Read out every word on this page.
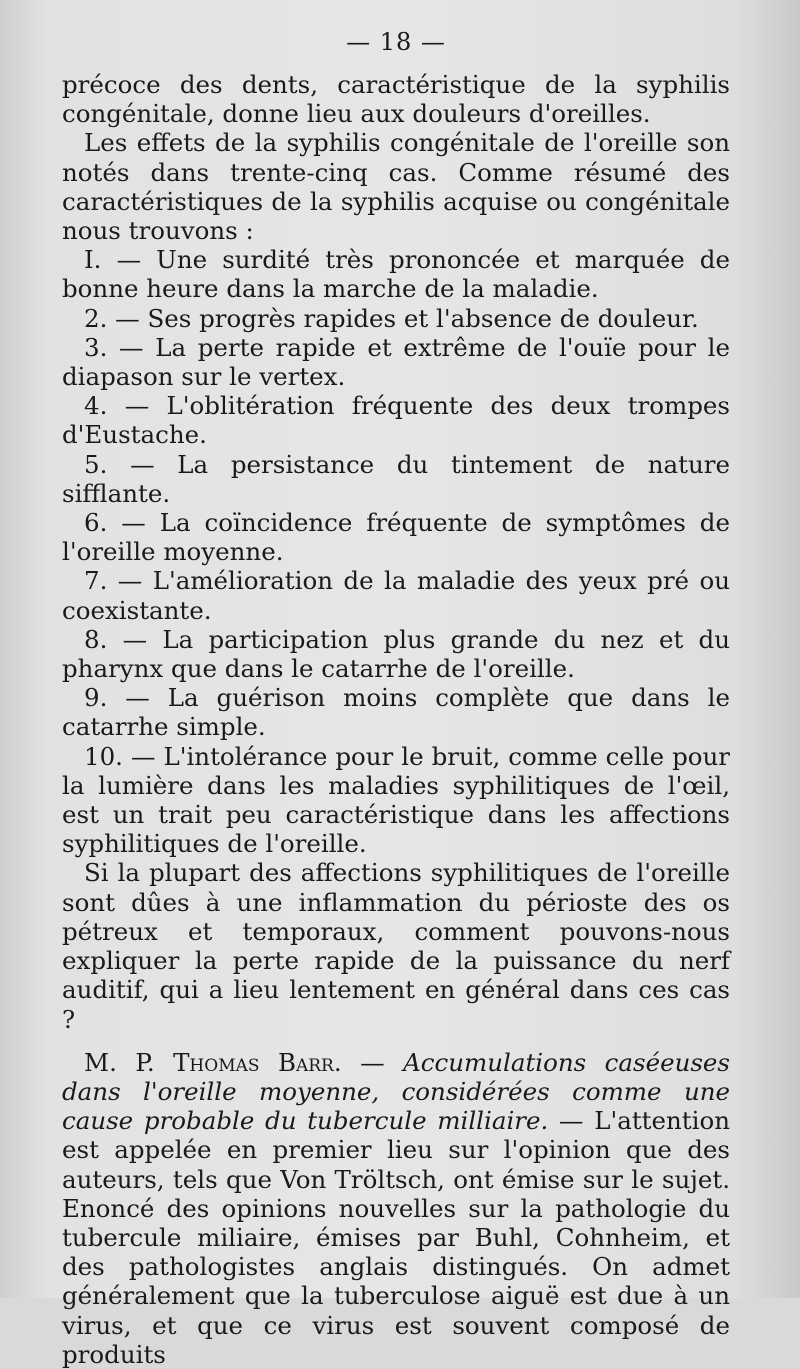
— 18 —

précoce des dents, caractéristique de la syphilis congénitale, donne lieu aux douleurs d'oreilles.

Les effets de la syphilis congénitale de l'oreille son notés dans trente-cinq cas. Comme résumé des caractéristiques de la syphilis acquise ou congénitale nous trouvons :

I. — Une surdité très prononcée et marquée de bonne heure dans la marche de la maladie.

2. — Ses progrès rapides et l'absence de douleur.

3. — La perte rapide et extrême de l'ouïe pour le diapason sur le vertex.

4. — L'oblitération fréquente des deux trompes d'Eustache.

5. — La persistance du tintement de nature sifflante.

6. — La coïncidence fréquente de symptômes de l'oreille moyenne.

7. — L'amélioration de la maladie des yeux pré ou coexistante.

8. — La participation plus grande du nez et du pharynx que dans le catarrhe de l'oreille.

9. — La guérison moins complète que dans le catarrhe simple.

10. — L'intolérance pour le bruit, comme celle pour la lumière dans les maladies syphilitiques de l'œil, est un trait peu caractéristique dans les affections syphilitiques de l'oreille.

Si la plupart des affections syphilitiques de l'oreille sont dûes à une inflammation du périoste des os pétreux et temporaux, comment pouvons-nous expliquer la perte rapide de la puissance du nerf auditif, qui a lieu lentement en général dans ces cas ?

M. P. Thomas Barr. — Accumulations caséeuses dans l'oreille moyenne, considérées comme une cause probable du tubercule milliaire. — L'attention est appelée en premier lieu sur l'opinion que des auteurs, tels que Von Tröltsch, ont émise sur le sujet. Enoncé des opinions nouvelles sur la pathologie du tubercule miliaire, émises par Buhl, Cohnheim, et des pathologistes anglais distingués. On admet généralement que la tuberculose aiguë est due à un virus, et que ce virus est souvent composé de produits
